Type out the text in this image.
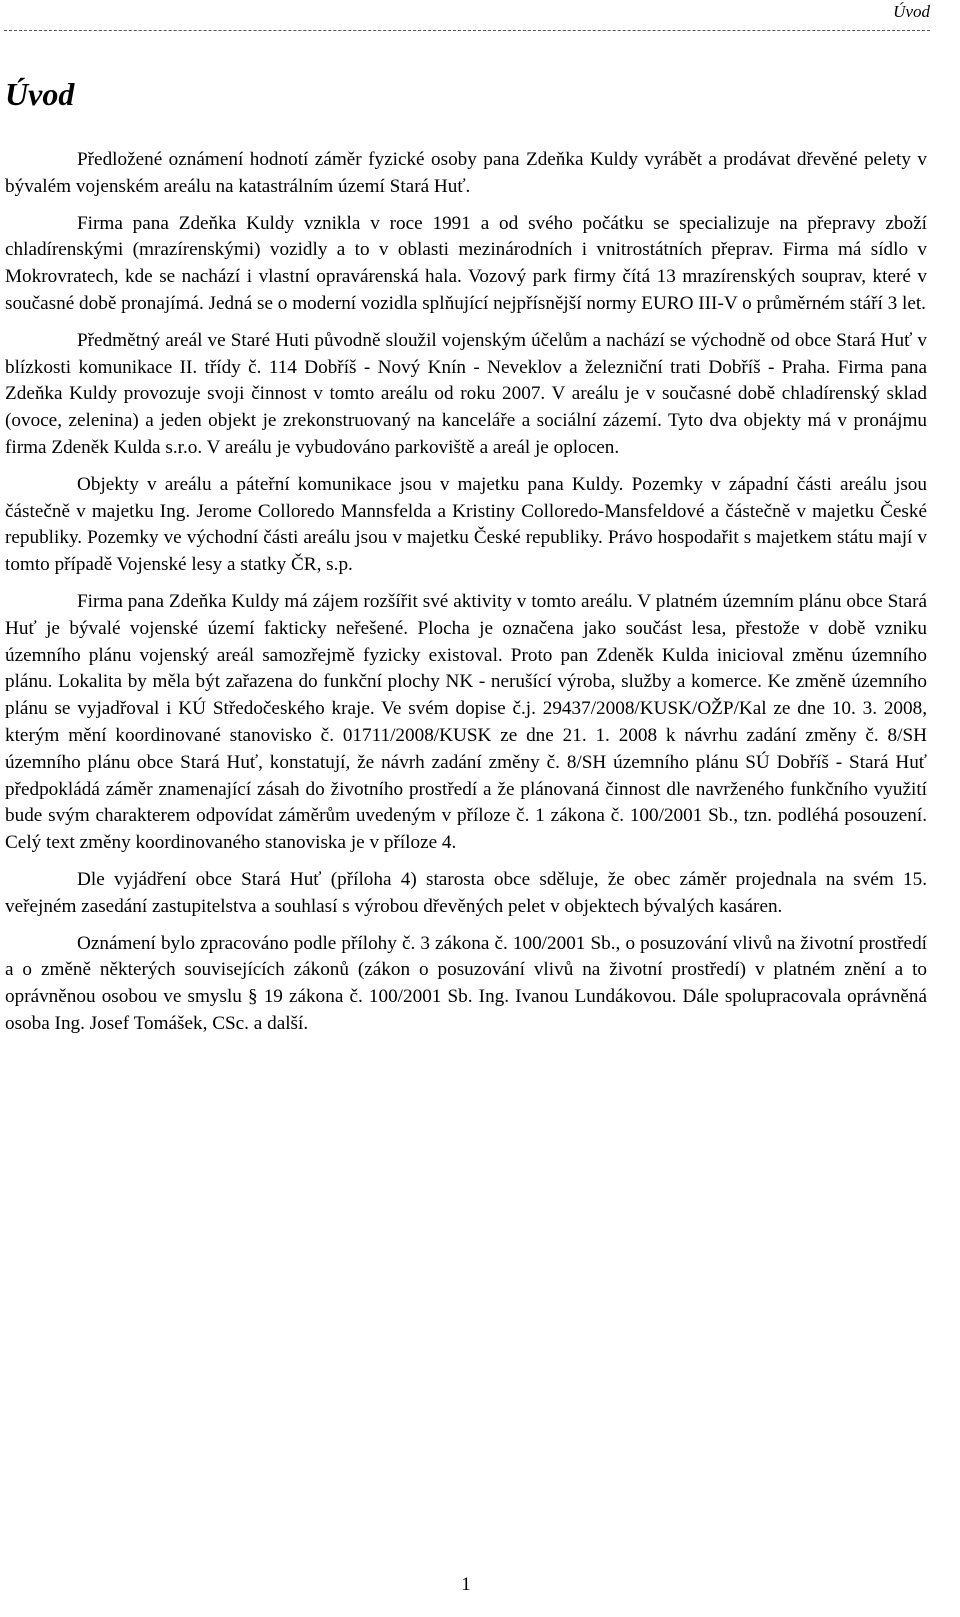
Úvod
Úvod

Předložené oznámení hodnotí záměr fyzické osoby pana Zdeňka Kuldy vyrábět a prodávat dřevěné pelety v bývalém vojenském areálu na katastrálním území Stará Huť.

Firma pana Zdeňka Kuldy vznikla v roce 1991 a od svého počátku se specializuje na přepravy zboží chladírenskými (mrazírenskými) vozidly a to v oblasti mezinárodních i vnitrostátních přeprav. Firma má sídlo v Mokrovratech, kde se nachází i vlastní opravárenská hala. Vozový park firmy čítá 13 mrazírenských souprav, které v současné době pronajímá. Jedná se o moderní vozidla splňující nejpřísnější normy EURO III-V o průměrném stáří 3 let.

Předmětný areál ve Staré Huti původně sloužil vojenským účelům a nachází se východně od obce Stará Huť v blízkosti komunikace II. třídy č. 114 Dobříš - Nový Knín - Neveklov a železniční trati Dobříš - Praha. Firma pana Zdeňka Kuldy provozuje svoji činnost v tomto areálu od roku 2007. V areálu je v současné době chladírenský sklad (ovoce, zelenina) a jeden objekt je zrekonstruovaný na kanceláře a sociální zázemí. Tyto dva objekty má v pronájmu firma Zdeněk Kulda s.r.o. V areálu je vybudováno parkoviště a areál je oplocen.

Objekty v areálu a páteřní komunikace jsou v majetku pana Kuldy. Pozemky v západní části areálu jsou částečně v majetku Ing. Jerome Colloredo Mannsfelda a Kristiny Colloredo-Mansfeldové a částečně v majetku České republiky. Pozemky ve východní části areálu jsou v majetku České republiky. Právo hospodařit s majetkem státu mají v tomto případě Vojenské lesy a statky ČR, s.p.

Firma pana Zdeňka Kuldy má zájem rozšířit své aktivity v tomto areálu. V platném územním plánu obce Stará Huť je bývalé vojenské území fakticky neřešené. Plocha je označena jako součást lesa, přestože v době vzniku územního plánu vojenský areál samozřejmě fyzicky existoval. Proto pan Zdeněk Kulda inicioval změnu územního plánu. Lokalita by měla být zařazena do funkční plochy NK - nerušící výroba, služby a komerce. Ke změně územního plánu se vyjadřoval i KÚ Středočeského kraje. Ve svém dopise č.j. 29437/2008/KUSK/OŽP/Kal ze dne 10. 3. 2008, kterým mění koordinované stanovisko č. 01711/2008/KUSK ze dne 21. 1. 2008 k návrhu zadání změny č. 8/SH územního plánu obce Stará Huť, konstatují, že návrh zadání změny č. 8/SH územního plánu SÚ Dobříš - Stará Huť předpokládá záměr znamenající zásah do životního prostředí a že plánovaná činnost dle navrženého funkčního využití bude svým charakterem odpovídat záměrům uvedeným v příloze č. 1 zákona č. 100/2001 Sb., tzn. podléhá posouzení. Celý text změny koordinovaného stanoviska je v příloze 4.

Dle vyjádření obce Stará Huť (příloha 4) starosta obce sděluje, že obec záměr projednala na svém 15. veřejném zasedání zastupitelstva a souhlasí s výrobou dřevěných pelet v objektech bývalých kasáren.

Oznámení bylo zpracováno podle přílohy č. 3 zákona č. 100/2001 Sb., o posuzování vlivů na životní prostředí a o změně některých souvisejících zákonů (zákon o posuzování vlivů na životní prostředí) v platném znění a to oprávněnou osobou ve smyslu § 19 zákona č. 100/2001 Sb. Ing. Ivanou Lundákovou. Dále spolupracovala oprávněná osoba Ing. Josef Tomášek, CSc. a další.

1
